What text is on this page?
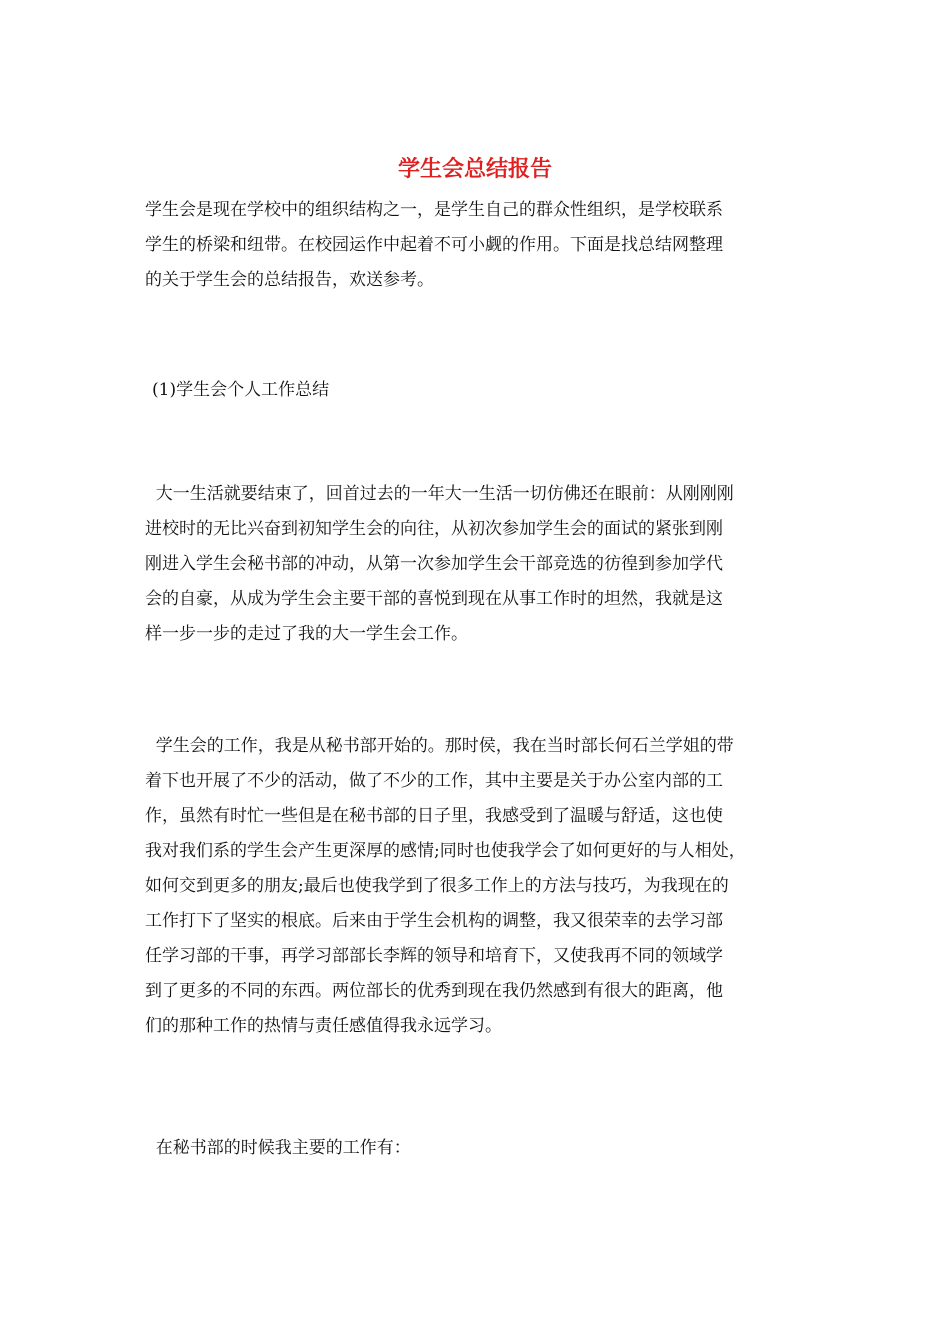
学生会总结报告
学生会是现在学校中的组织结构之一，是学生自己的群众性组织，是学校联系
学生的桥梁和纽带。在校园运作中起着不可小觑的作用。下面是找总结网整理
的关于学生会的总结报告，欢送参考。
(1)学生会个人工作总结
大一生活就要结束了，回首过去的一年大一生活一切仿佛还在眼前：从刚刚刚
进校时的无比兴奋到初知学生会的向往，从初次参加学生会的面试的紧张到刚
刚进入学生会秘书部的冲动，从第一次参加学生会干部竞选的彷徨到参加学代
会的自豪，从成为学生会主要干部的喜悦到现在从事工作时的坦然，我就是这
样一步一步的走过了我的大一学生会工作。
学生会的工作，我是从秘书部开始的。那时侯，我在当时部长何石兰学姐的带
着下也开展了不少的活动，做了不少的工作，其中主要是关于办公室内部的工
作，虽然有时忙一些但是在秘书部的日子里，我感受到了温暖与舒适，这也使
我对我们系的学生会产生更深厚的感情;同时也使我学会了如何更好的与人相处，
如何交到更多的朋友;最后也使我学到了很多工作上的方法与技巧，为我现在的
工作打下了坚实的根底。后来由于学生会机构的调整，我又很荣幸的去学习部
任学习部的干事，再学习部部长李辉的领导和培育下，又使我再不同的领域学
到了更多的不同的东西。两位部长的优秀到现在我仍然感到有很大的距离，他
们的那种工作的热情与责任感值得我永远学习。
在秘书部的时候我主要的工作有：
